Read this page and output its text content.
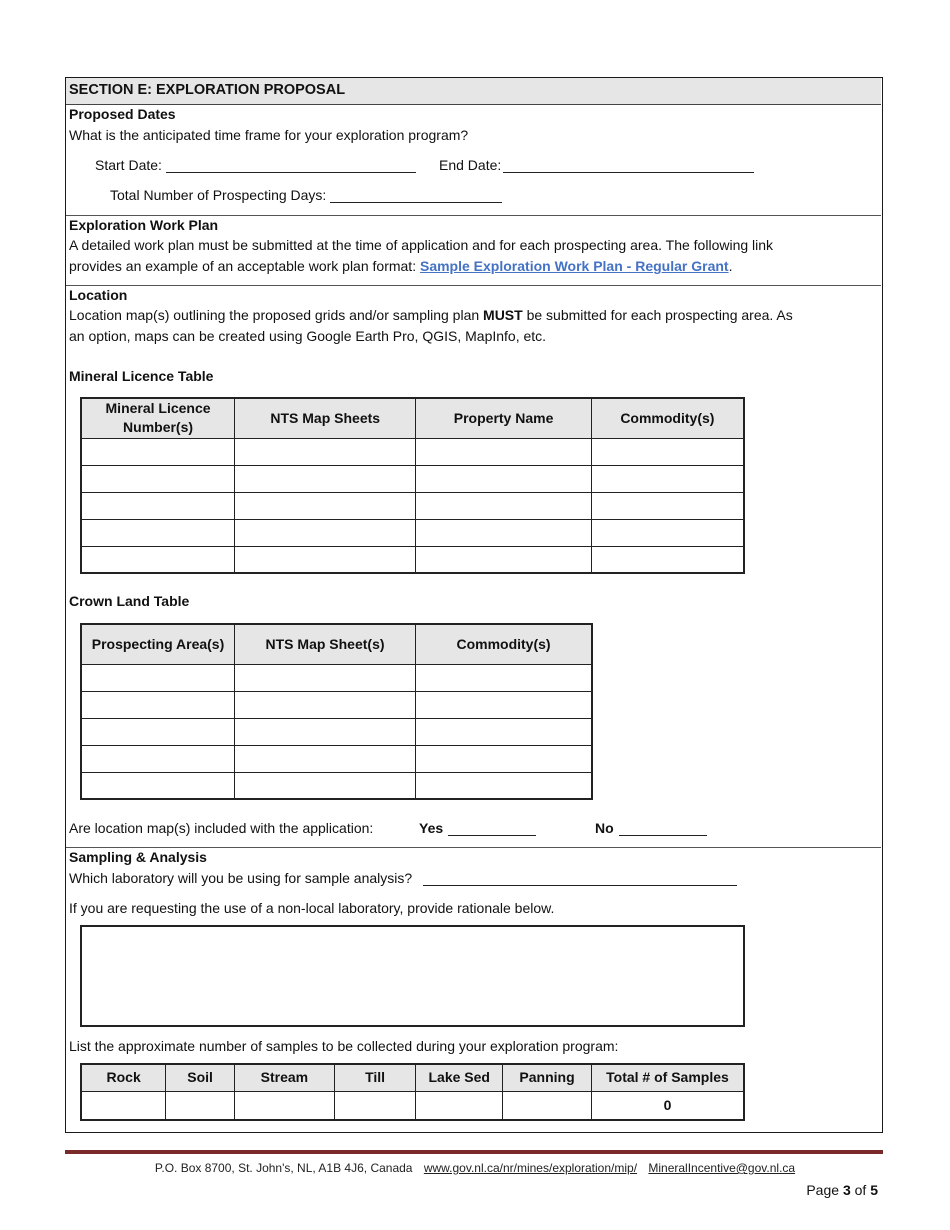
SECTION E: EXPLORATION PROPOSAL
Proposed Dates
What is the anticipated time frame for your exploration program?
Start Date:	End Date:
Total Number of Prospecting Days:
Exploration Work Plan
A detailed work plan must be submitted at the time of application and for each prospecting area. The following link
provides an example of an acceptable work plan format: Sample Exploration Work Plan - Regular Grant.
Location
Location map(s) outlining the proposed grids and/or sampling plan MUST be submitted for each prospecting area. As
an option, maps can be created using Google Earth Pro, QGIS, MapInfo, etc.
Mineral Licence Table
Mineral Licence Number(s)	NTS Map Sheets	Property Name	Commodity(s)

Crown Land Table
Prospecting Area(s)	NTS Map Sheet(s)	Commodity(s)

Are location map(s) included with the application:	Yes	No
Sampling & Analysis
Which laboratory will you be using for sample analysis?
If you are requesting the use of a non-local laboratory, provide rationale below.
List the approximate number of samples to be collected during your exploration program:
Rock	Soil	Stream	Till	Lake Sed	Panning	Total # of Samples
						0
P.O. Box 8700, St. John's, NL, A1B 4J6, Canada www.gov.nl.ca/nr/mines/exploration/mip/ MineralIncentive@gov.nl.ca
Page 3 of 5
